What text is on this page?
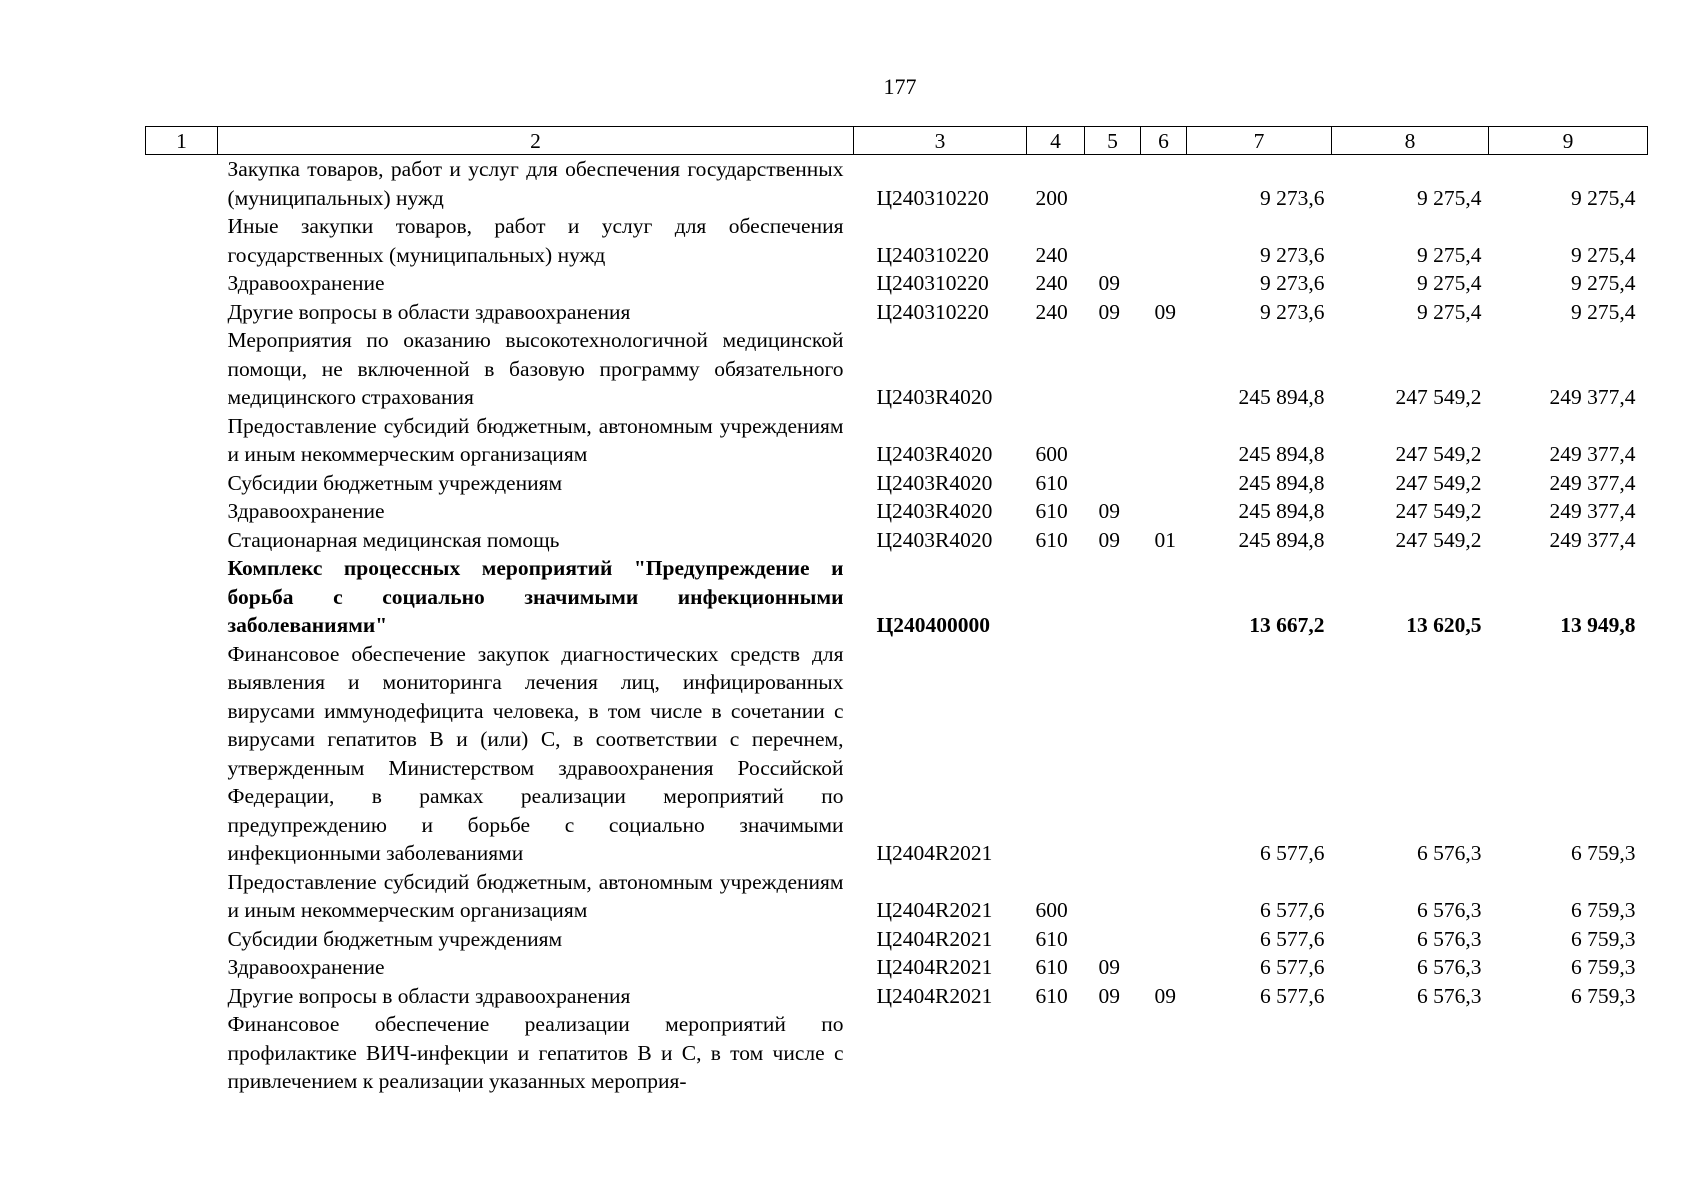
177
1	2	3	4	5	6	7	8	9
	Закупка товаров, работ и услуг для обеспечения государственных (муниципальных) нужд	Ц240310220	200			9 273,6	9 275,4	9 275,4
	Иные закупки товаров, работ и услуг для обеспечения государственных (муниципальных) нужд	Ц240310220	240			9 273,6	9 275,4	9 275,4
	Здравоохранение	Ц240310220	240	09		9 273,6	9 275,4	9 275,4
	Другие вопросы в области здравоохранения	Ц240310220	240	09	09	9 273,6	9 275,4	9 275,4
	Мероприятия по оказанию высокотехнологичной медицинской помощи, не включенной в базовую программу обязательного медицинского страхования	Ц2403R4020				245 894,8	247 549,2	249 377,4
	Предоставление субсидий бюджетным, автономным учреждениям и иным некоммерческим организациям	Ц2403R4020	600			245 894,8	247 549,2	249 377,4
	Субсидии бюджетным учреждениям	Ц2403R4020	610			245 894,8	247 549,2	249 377,4
	Здравоохранение	Ц2403R4020	610	09		245 894,8	247 549,2	249 377,4
	Стационарная медицинская помощь	Ц2403R4020	610	09	01	245 894,8	247 549,2	249 377,4
	Комплекс процессных мероприятий "Предупреждение и борьба с социально значимыми инфекционными заболеваниями"	Ц240400000				13 667,2	13 620,5	13 949,8
	Финансовое обеспечение закупок диагностических средств для выявления и мониторинга лечения лиц, инфицированных вирусами иммунодефицита человека, в том числе в сочетании с вирусами гепатитов В и (или) С, в соответствии с перечнем, утвержденным Министерством здравоохранения Российской Федерации, в рамках реализации мероприятий по предупреждению и борьбе с социально значимыми инфекционными заболеваниями	Ц2404R2021				6 577,6	6 576,3	6 759,3
	Предоставление субсидий бюджетным, автономным учреждениям и иным некоммерческим организациям	Ц2404R2021	600			6 577,6	6 576,3	6 759,3
	Субсидии бюджетным учреждениям	Ц2404R2021	610			6 577,6	6 576,3	6 759,3
	Здравоохранение	Ц2404R2021	610	09		6 577,6	6 576,3	6 759,3
	Другие вопросы в области здравоохранения	Ц2404R2021	610	09	09	6 577,6	6 576,3	6 759,3
	Финансовое обеспечение реализации мероприятий по профилактике ВИЧ-инфекции и гепатитов В и С, в том числе с привлечением к реализации указанных мероприя-							
